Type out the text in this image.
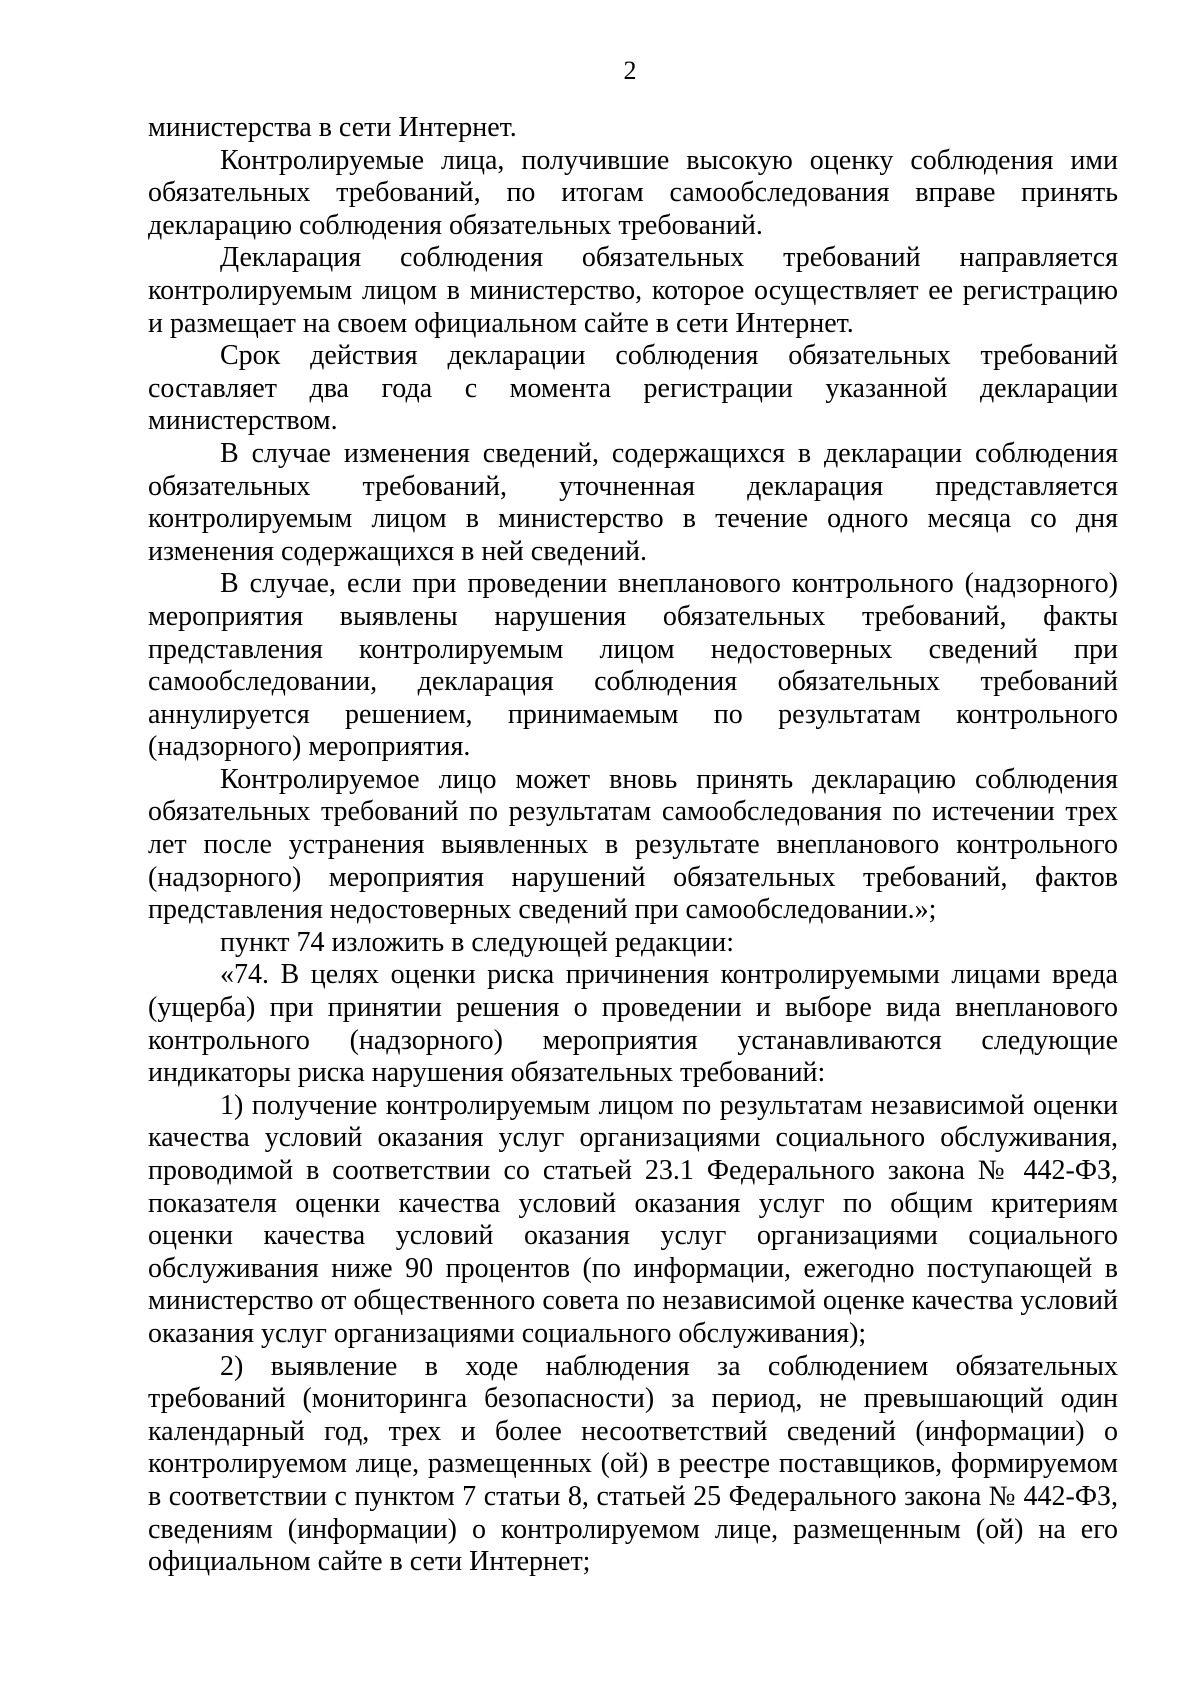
2

министерства в сети Интернет.

Контролируемые лица, получившие высокую оценку соблюдения ими обязательных требований, по итогам самообследования вправе принять декларацию соблюдения обязательных требований.

Декларация соблюдения обязательных требований направляется контролируемым лицом в министерство, которое осуществляет ее регистрацию и размещает на своем официальном сайте в сети Интернет.

Срок действия декларации соблюдения обязательных требований составляет два года с момента регистрации указанной декларации министерством.

В случае изменения сведений, содержащихся в декларации соблюдения обязательных требований, уточненная декларация представляется контролируемым лицом в министерство в течение одного месяца со дня изменения содержащихся в ней сведений.

В случае, если при проведении внепланового контрольного (надзорного) мероприятия выявлены нарушения обязательных требований, факты представления контролируемым лицом недостоверных сведений при самообследовании, декларация соблюдения обязательных требований аннулируется решением, принимаемым по результатам контрольного (надзорного) мероприятия.

Контролируемое лицо может вновь принять декларацию соблюдения обязательных требований по результатам самообследования по истечении трех лет после устранения выявленных в результате внепланового контрольного (надзорного) мероприятия нарушений обязательных требований, фактов представления недостоверных сведений при самообследовании.»;

пункт 74 изложить в следующей редакции:

«74. В целях оценки риска причинения контролируемыми лицами вреда (ущерба) при принятии решения о проведении и выборе вида внепланового контрольного (надзорного) мероприятия устанавливаются следующие индикаторы риска нарушения обязательных требований:

1) получение контролируемым лицом по результатам независимой оценки качества условий оказания услуг организациями социального обслуживания, проводимой в соответствии со статьей 23.1 Федерального закона № 442-ФЗ, показателя оценки качества условий оказания услуг по общим критериям оценки качества условий оказания услуг организациями социального обслуживания ниже 90 процентов (по информации, ежегодно поступающей в министерство от общественного совета по независимой оценке качества условий оказания услуг организациями социального обслуживания);

2) выявление в ходе наблюдения за соблюдением обязательных требований (мониторинга безопасности) за период, не превышающий один календарный год, трех и более несоответствий сведений (информации) о контролируемом лице, размещенных (ой) в реестре поставщиков, формируемом в соответствии с пунктом 7 статьи 8, статьей 25 Федерального закона № 442-ФЗ, сведениям (информации) о контролируемом лице, размещенным (ой) на его официальном сайте в сети Интернет;
